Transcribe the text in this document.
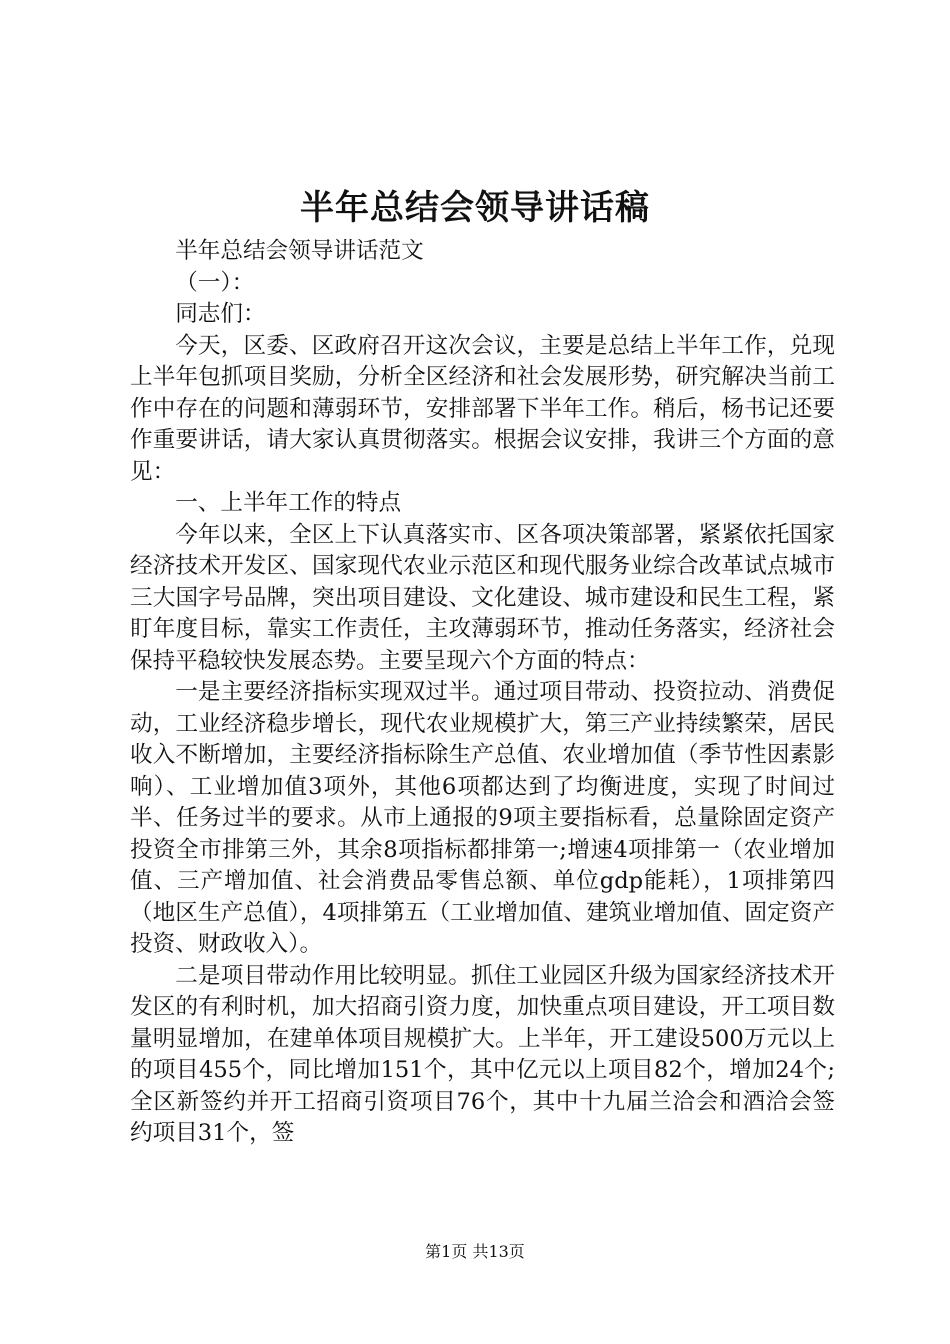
半年总结会领导讲话稿

半年总结会领导讲话范文

（一）：

同志们：

今天，区委、区政府召开这次会议，主要是总结上半年工作，兑现上半年包抓项目奖励，分析全区经济和社会发展形势，研究解决当前工作中存在的问题和薄弱环节，安排部署下半年工作。稍后，杨书记还要作重要讲话，请大家认真贯彻落实。根据会议安排，我讲三个方面的意见：

一、上半年工作的特点

今年以来，全区上下认真落实市、区各项决策部署，紧紧依托国家经济技术开发区、国家现代农业示范区和现代服务业综合改革试点城市三大国字号品牌，突出项目建设、文化建设、城市建设和民生工程，紧盯年度目标，靠实工作责任，主攻薄弱环节，推动任务落实，经济社会保持平稳较快发展态势。主要呈现六个方面的特点：

一是主要经济指标实现双过半。通过项目带动、投资拉动、消费促动，工业经济稳步增长，现代农业规模扩大，第三产业持续繁荣，居民收入不断增加，主要经济指标除生产总值、农业增加值（季节性因素影响）、工业增加值3项外，其他6项都达到了均衡进度，实现了时间过半、任务过半的要求。从市上通报的9项主要指标看，总量除固定资产投资全市排第三外，其余8项指标都排第一;增速4项排第一（农业增加值、三产增加值、社会消费品零售总额、单位gdp能耗），1项排第四（地区生产总值），4项排第五（工业增加值、建筑业增加值、固定资产投资、财政收入）。

二是项目带动作用比较明显。抓住工业园区升级为国家经济技术开发区的有利时机，加大招商引资力度，加快重点项目建设，开工项目数量明显增加，在建单体项目规模扩大。上半年，开工建设500万元以上的项目455个，同比增加151个，其中亿元以上项目82个，增加24个;全区新签约并开工招商引资项目76个，其中十九届兰洽会和酒洽会签约项目31个，签

第1页 共13页
